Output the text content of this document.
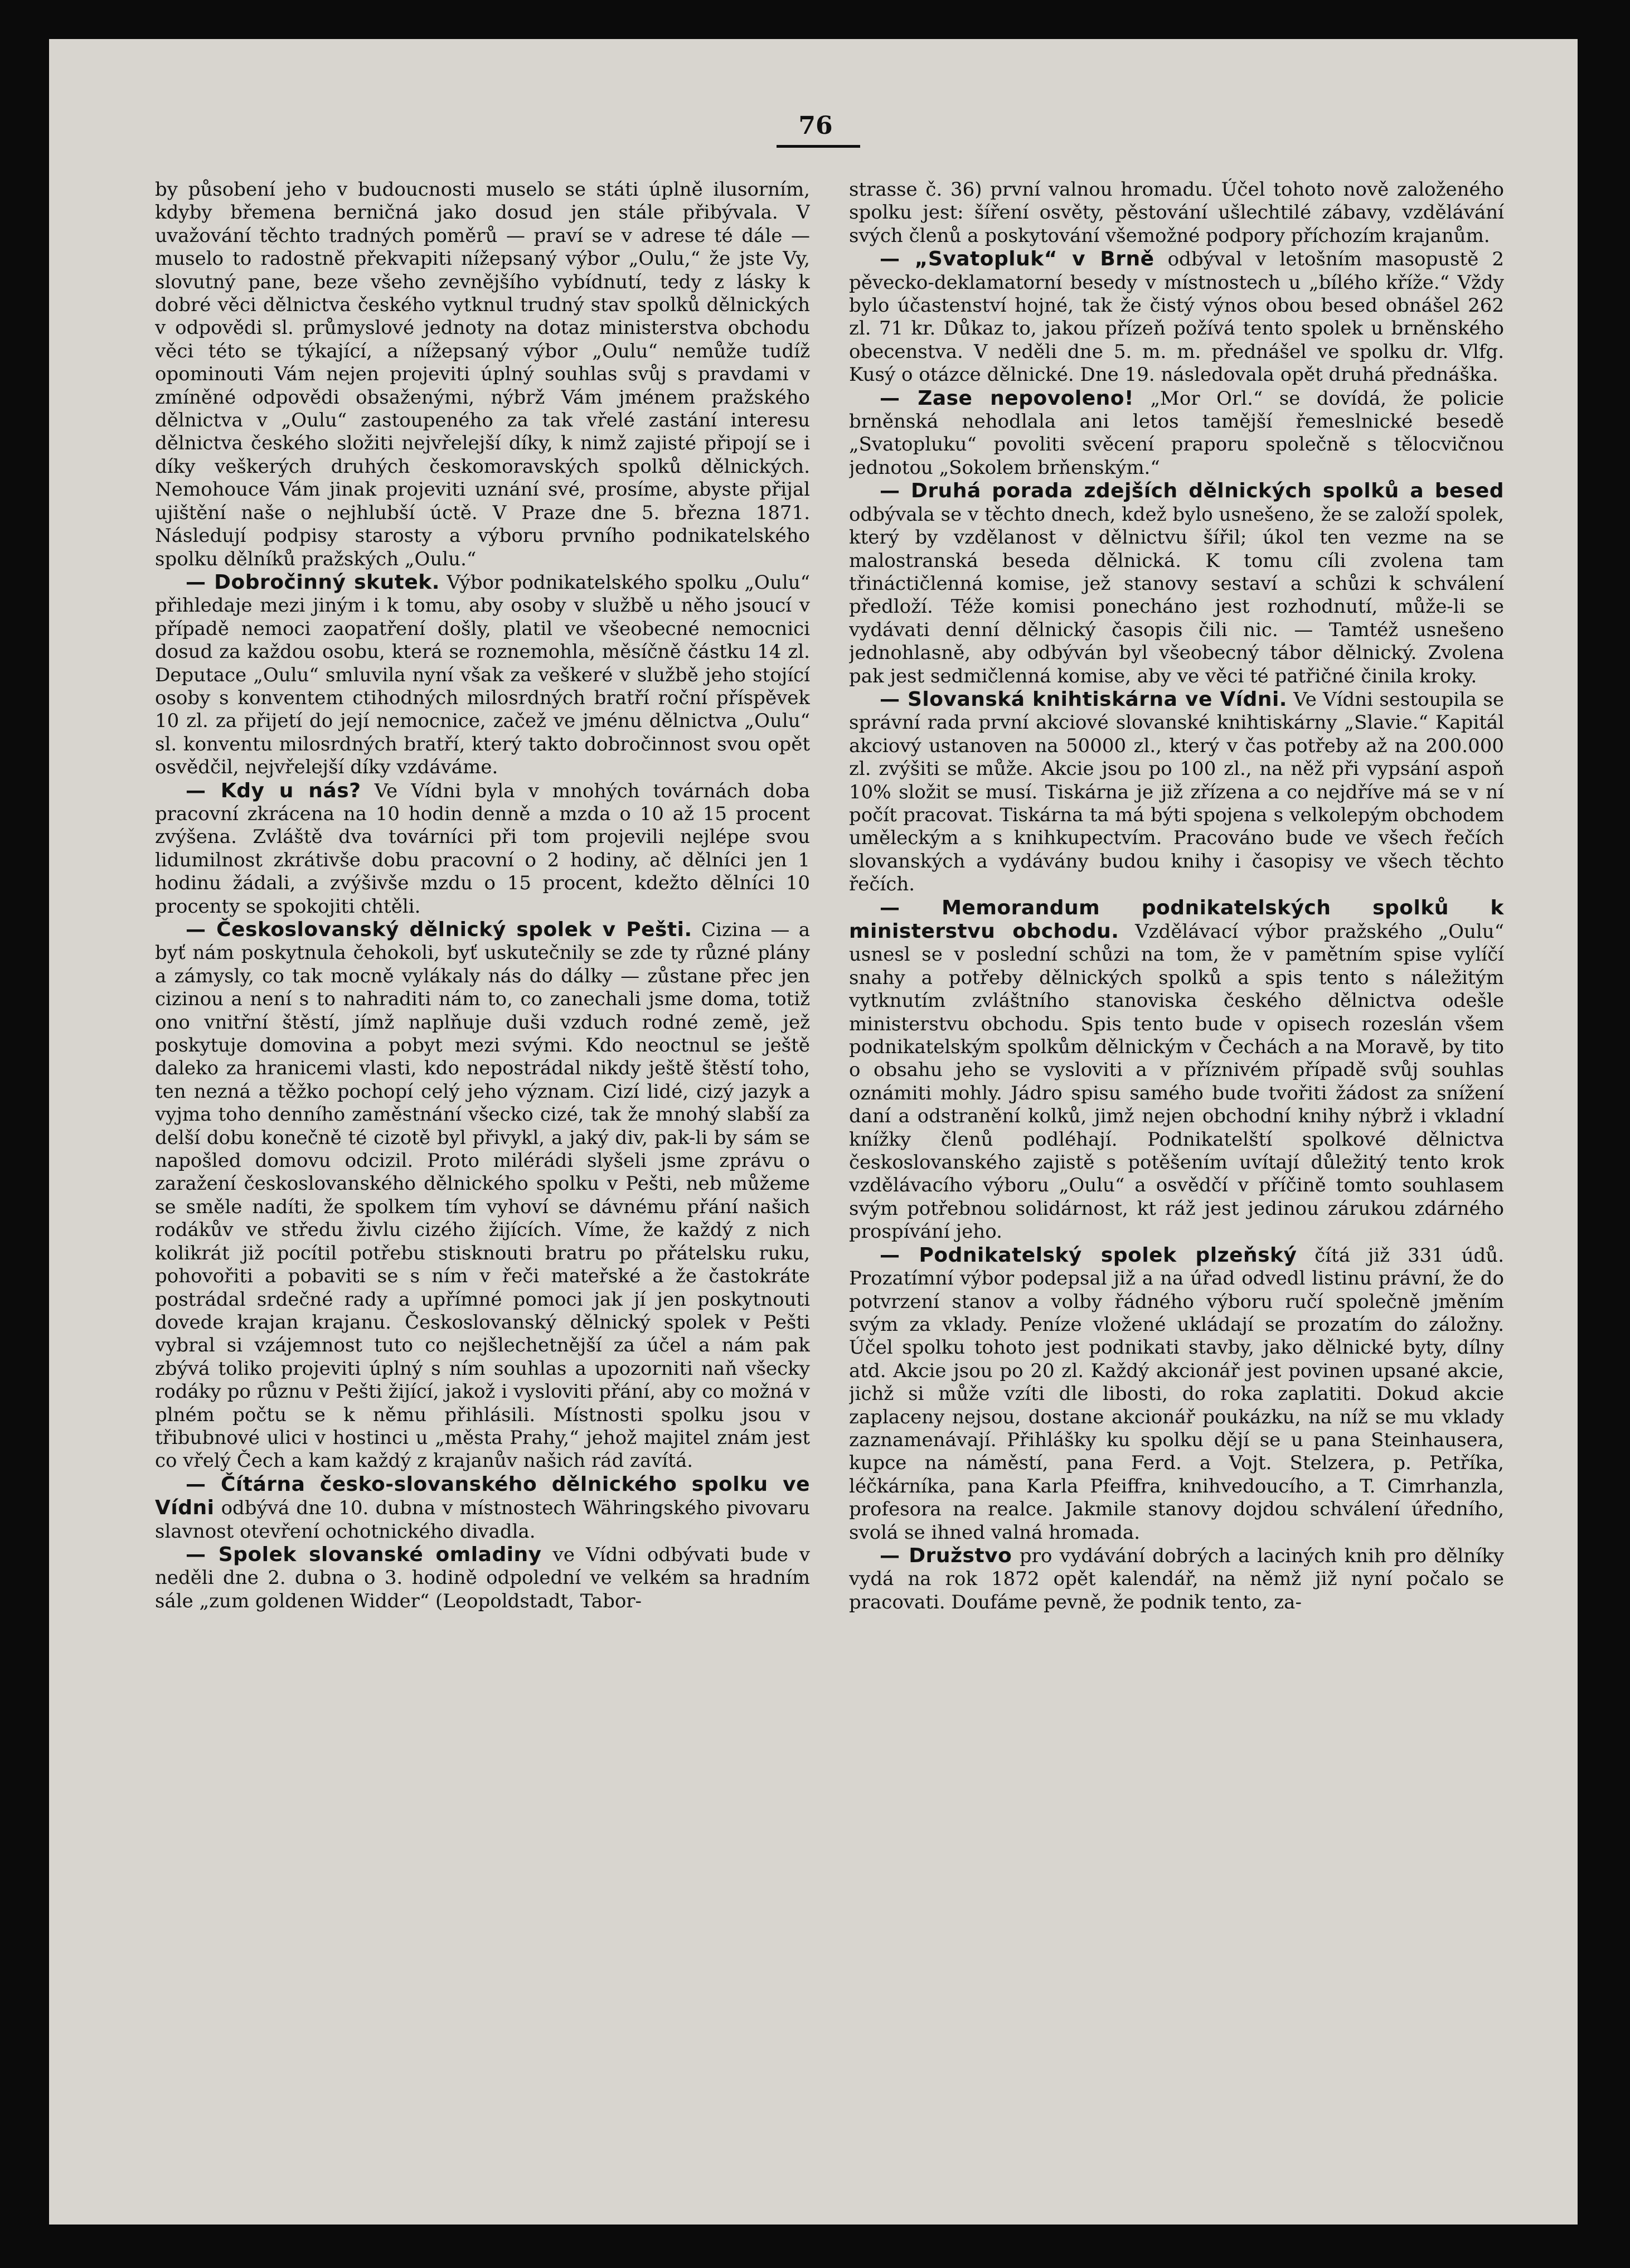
76

by působení jeho v budoucnosti muselo se státi úplně ilusorním, kdyby břemena berničná jako dosud jen stále přibývala. V uvažování těchto tradných poměrů — praví se v adrese té dále — muselo to radostně překvapiti nížepsaný výbor „Oulu,“ že jste Vy, slovutný pane, beze všeho zevnějšího vybídnutí, tedy z lásky k dobré věci dělnictva českého vytknul trudný stav spolků dělnických v odpovědi sl. průmyslové jednoty na dotaz ministerstva obchodu věci této se týkající, a nížepsaný výbor „Oulu“ nemůže tudíž opominouti Vám nejen projeviti úplný souhlas svůj s pravdami v zmíněné odpovědi obsaženými, nýbrž Vám jménem pražského dělnictva v „Oulu“ zastoupeného za tak vřelé zastání interesu dělnictva českého složiti nejvřelejší díky, k nimž zajisté připojí se i díky veškerých druhých českomoravských spolků dělnických. Nemohouce Vám jinak projeviti uznání své, prosíme, abyste přijal ujištění naše o nejhlubší úctě. V Praze dne 5. března 1871. Následují podpisy starosty a výboru prvního podnikatelského spolku dělníků pražských „Oulu.“

— Dobročinný skutek. Výbor podnikatelského spolku „Oulu“ přihledaje mezi jiným i k tomu, aby osoby v službě u něho jsoucí v případě nemoci zaopatření došly, platil ve všeobecné nemocnici dosud za každou osobu, která se roznemohla, měsíčně částku 14 zl. Deputace „Oulu“ smluvila nyní však za veškeré v službě jeho stojící osoby s konventem ctihodných milosrdných bratří roční příspěvek 10 zl. za přijetí do její nemocnice, začež ve jménu dělnictva „Oulu“ sl. konventu milosrdných bratří, který takto dobročinnost svou opět osvědčil, nejvřelejší díky vzdáváme.

— Kdy u nás? Ve Vídni byla v mnohých továrnách doba pracovní zkrácena na 10 hodin denně a mzda o 10 až 15 procent zvýšena. Zvláště dva továrníci při tom projevili nejlépe svou lidumilnost zkrátivše dobu pracovní o 2 hodiny, ač dělníci jen 1 hodinu žádali, a zvýšivše mzdu o 15 procent, kdežto dělníci 10 procenty se spokojiti chtěli.

— Českoslovanský dělnický spolek v Pešti. Cizina — a byť nám poskytnula čehokoli, byť uskutečnily se zde ty různé plány a zámysly, co tak mocně vylákaly nás do dálky — zůstane přec jen cizinou a není s to nahraditi nám to, co zanechali jsme doma, totiž ono vnitřní štěstí, jímž naplňuje duši vzduch rodné země, jež poskytuje domovina a pobyt mezi svými. Kdo neoctnul se ještě daleko za hranicemi vlasti, kdo nepostrádal nikdy ještě štěstí toho, ten nezná a těžko pochopí celý jeho význam. Cizí lidé, cizý jazyk a vyjma toho denního zaměstnání všecko cizé, tak že mnohý slabší za delší dobu konečně té cizotě byl přivykl, a jaký div, pak-li by sám se napošled domovu odcizil. Proto milérádi slyšeli jsme zprávu o zaražení českoslovanského dělnického spolku v Pešti, neb můžeme se směle nadíti, že spolkem tím vyhoví se dávnému přání našich rodákův ve středu živlu cizého žijících. Víme, že každý z nich kolikrát již pocítil potřebu stisknouti bratru po přátelsku ruku, pohovořiti a pobaviti se s ním v řeči mateřské a že častokráte postrádal srdečné rady a upřímné pomoci jak jí jen poskytnouti dovede krajan krajanu. Českoslovanský dělnický spolek v Pešti vybral si vzájemnost tuto co nejšlechetnější za účel a nám pak zbývá toliko projeviti úplný s ním souhlas a upozorniti naň všecky rodáky po různu v Pešti žijící, jakož i vysloviti přání, aby co možná v plném počtu se k němu přihlásili. Místnosti spolku jsou v třibubnové ulici v hostinci u „města Prahy,“ jehož majitel znám jest co vřelý Čech a kam každý z krajanův našich rád zavítá.

— Čítárna česko-slovanského dělnického spolku ve Vídni odbývá dne 10. dubna v místnostech Währingského pivovaru slavnost otevření ochotnického divadla.

— Spolek slovanské omladiny ve Vídni odbývati bude v neděli dne 2. dubna o 3. hodině odpolední ve velkém sa hradním sále „zum goldenen Widder“ (Leopoldstadt, Tabor-

strasse č. 36) první valnou hromadu. Účel tohoto nově založeného spolku jest: šíření osvěty, pěstování ušlechtilé zábavy, vzdělávání svých členů a poskytování všemožné podpory příchozím krajanům.

— „Svatopluk“ v Brně odbýval v letošním masopustě 2 pěvecko-deklamatorní besedy v místnostech u „bílého kříže.“ Vždy bylo účastenství hojné, tak že čistý výnos obou besed obnášel 262 zl. 71 kr. Důkaz to, jakou přízeň požívá tento spolek u brněnského obecenstva. V neděli dne 5. m. m. přednášel ve spolku dr. Vlfg. Kusý o otázce dělnické. Dne 19. následovala opět druhá přednáška.

— Zase nepovoleno! „Mor Orl.“ se dovídá, že policie brněnská nehodlala ani letos tamější řemeslnické besedě „Svatopluku“ povoliti svěcení praporu společně s tělocvičnou jednotou „Sokolem brňenským.“

— Druhá porada zdejších dělnických spolků a besed odbývala se v těchto dnech, kdež bylo usnešeno, že se založí spolek, který by vzdělanost v dělnictvu šířil; úkol ten vezme na se malostranská beseda dělnická. K tomu cíli zvolena tam třináctičlenná komise, jež stanovy sestaví a schůzi k schválení předloží. Téže komisi ponecháno jest rozhodnutí, může-li se vydávati denní dělnický časopis čili nic. — Tamtéž usnešeno jednohlasně, aby odbýván byl všeobecný tábor dělnický. Zvolena pak jest sedmičlenná komise, aby ve věci té patřičné činila kroky.

— Slovanská knihtiskárna ve Vídni. Ve Vídni sestoupila se správní rada první akciové slovanské knihtiskárny „Slavie.“ Kapitál akciový ustanoven na 50000 zl., který v čas potřeby až na 200.000 zl. zvýšiti se může. Akcie jsou po 100 zl., na něž při vypsání aspoň 10% složit se musí. Tiskárna je již zřízena a co nejdříve má se v ní počít pracovat. Tiskárna ta má býti spojena s velkolepým obchodem uměleckým a s knihkupectvím. Pracováno bude ve všech řečích slovanských a vydávány budou knihy i časopisy ve všech těchto řečích.

— Memorandum podnikatelských spolků k ministerstvu obchodu. Vzdělávací výbor pražského „Oulu“ usnesl se v poslední schůzi na tom, že v pamětním spise vylíčí snahy a potřeby dělnických spolků a spis tento s náležitým vytknutím zvláštního stanoviska českého dělnictva odešle ministerstvu obchodu. Spis tento bude v opisech rozeslán všem podnikatelským spolkům dělnickým v Čechách a na Moravě, by tito o obsahu jeho se vysloviti a v příznivém případě svůj souhlas oznámiti mohly. Jádro spisu samého bude tvořiti žádost za snížení daní a odstranění kolků, jimž nejen obchodní knihy nýbrž i vkladní knížky členů podléhají. Podnikatelští spolkové dělnictva českoslovanského zajistě s potěšením uvítají důležitý tento krok vzdělávacího výboru „Oulu“ a osvědčí v příčině tomto souhlasem svým potřebnou solidárnost, kt ráž jest jedinou zárukou zdárného prospívání jeho.

— Podnikatelský spolek plzeňský čítá již 331 údů. Prozatímní výbor podepsal již a na úřad odvedl listinu právní, že do potvrzení stanov a volby řádného výboru ručí společně jměním svým za vklady. Peníze vložené ukládají se prozatím do záložny. Účel spolku tohoto jest podnikati stavby, jako dělnické byty, dílny atd. Akcie jsou po 20 zl. Každý akcionář jest povinen upsané akcie, jichž si může vzíti dle libosti, do roka zaplatiti. Dokud akcie zaplaceny nejsou, dostane akcionář poukázku, na níž se mu vklady zaznamenávají. Přihlášky ku spolku dějí se u pana Steinhausera, kupce na náměstí, pana Ferd. a Vojt. Stelzera, p. Petříka, léčkárníka, pana Karla Pfeiffra, knihvedoucího, a T. Cimrhanzla, profesora na realce. Jakmile stanovy dojdou schválení úředního, svolá se ihned valná hromada.

— Družstvo pro vydávání dobrých a laciných knih pro dělníky vydá na rok 1872 opět kalendář, na němž již nyní počalo se pracovati. Doufáme pevně, že podnik tento, za-
